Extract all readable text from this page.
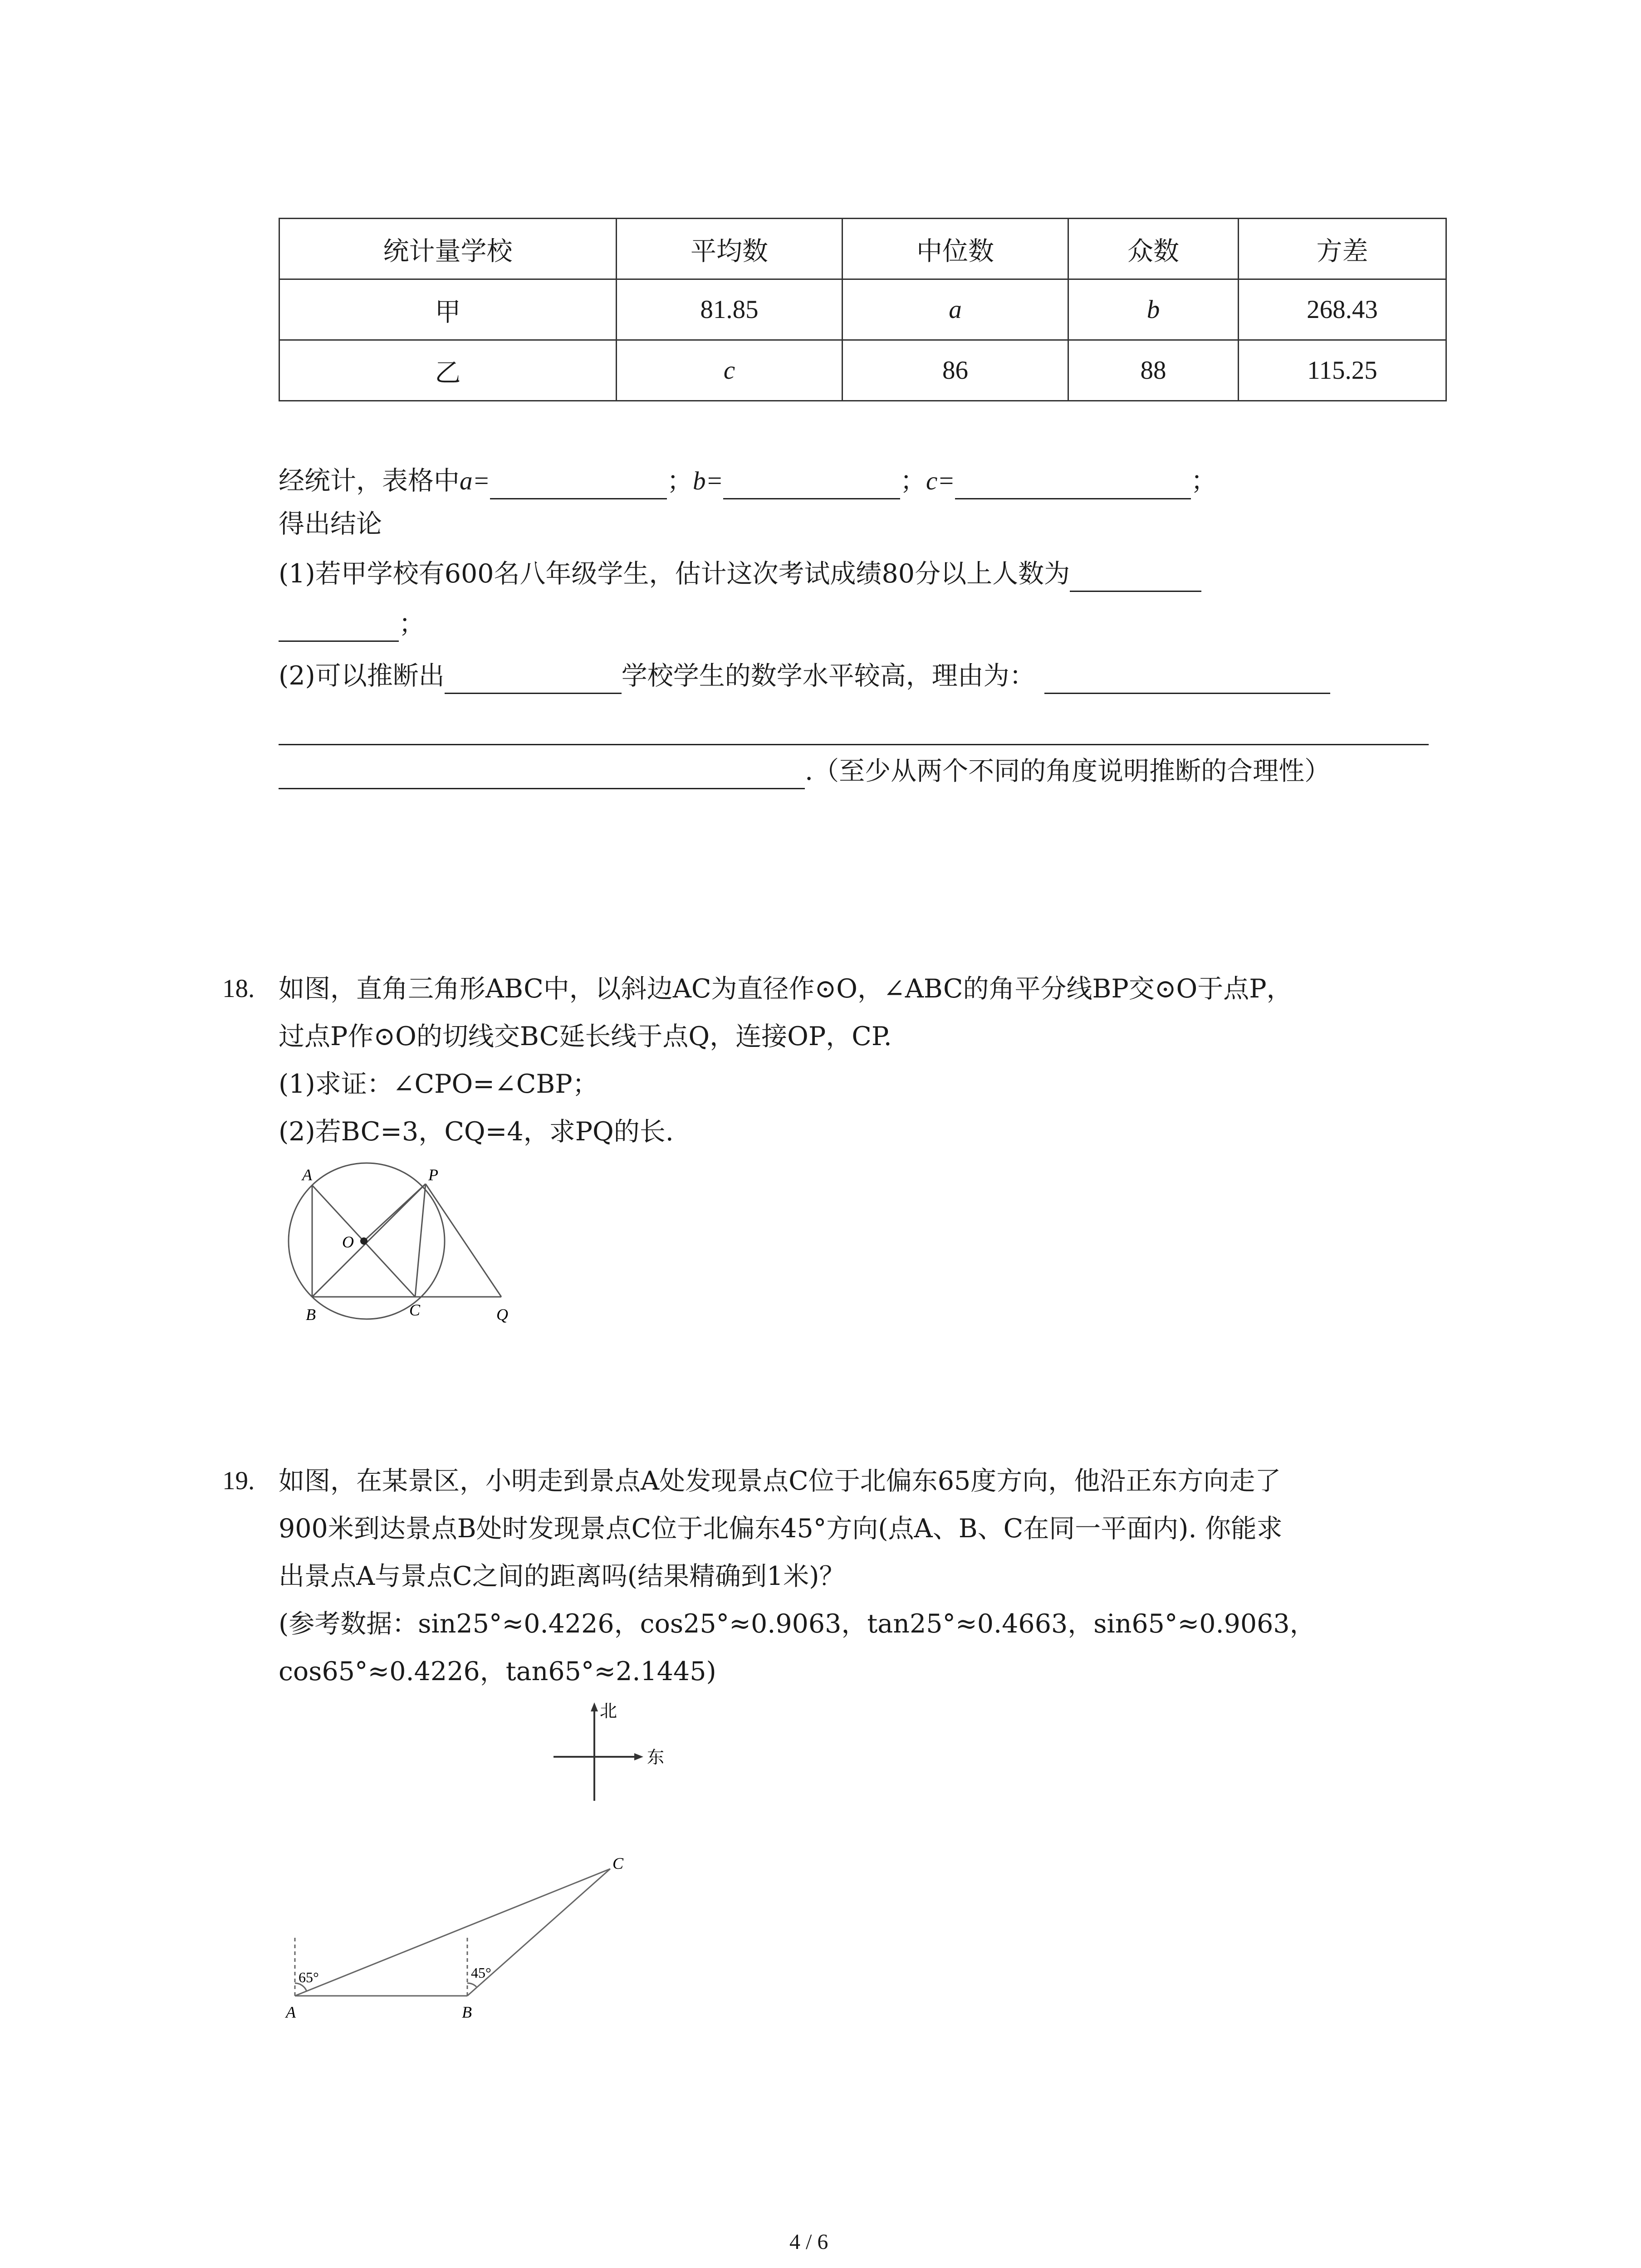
统计量学校	平均数	中位数	众数	方差
甲	81.85	a	b	268.43
乙	c	86	88	115.25
经统计，表格中a=	；b=	；c=	；
得出结论
(1)若甲学校有600名八年级学生，估计这次考试成绩80分以上人数为
；
(2)可以推断出	学校学生的数学水平较高，理由为：
.（至少从两个不同的角度说明推断的合理性）
18. 如图，直角三角形ABC中，以斜边AC为直径作⊙O，∠ABC的角平分线BP交⊙O于点P，
过点P作⊙O的切线交BC延长线于点Q，连接OP，CP.
(1)求证：∠CPO=∠CBP；
(2)若BC=3，CQ=4，求PQ的长.
A	P
O
B	C	Q
19. 如图，在某景区，小明走到景点A处发现景点C位于北偏东65度方向，他沿正东方向走了
900米到达景点B处时发现景点C位于北偏东45°方向(点A、B、C在同一平面内). 你能求
出景点A与景点C之间的距离吗(结果精确到1米)？
(参考数据：sin25°≈0.4226，cos25°≈0.9063，tan25°≈0.4663，sin65°≈0.9063，
cos65°≈0.4226，tan65°≈2.1445)
北
东
65°	45°
A	B
C
4 / 6
